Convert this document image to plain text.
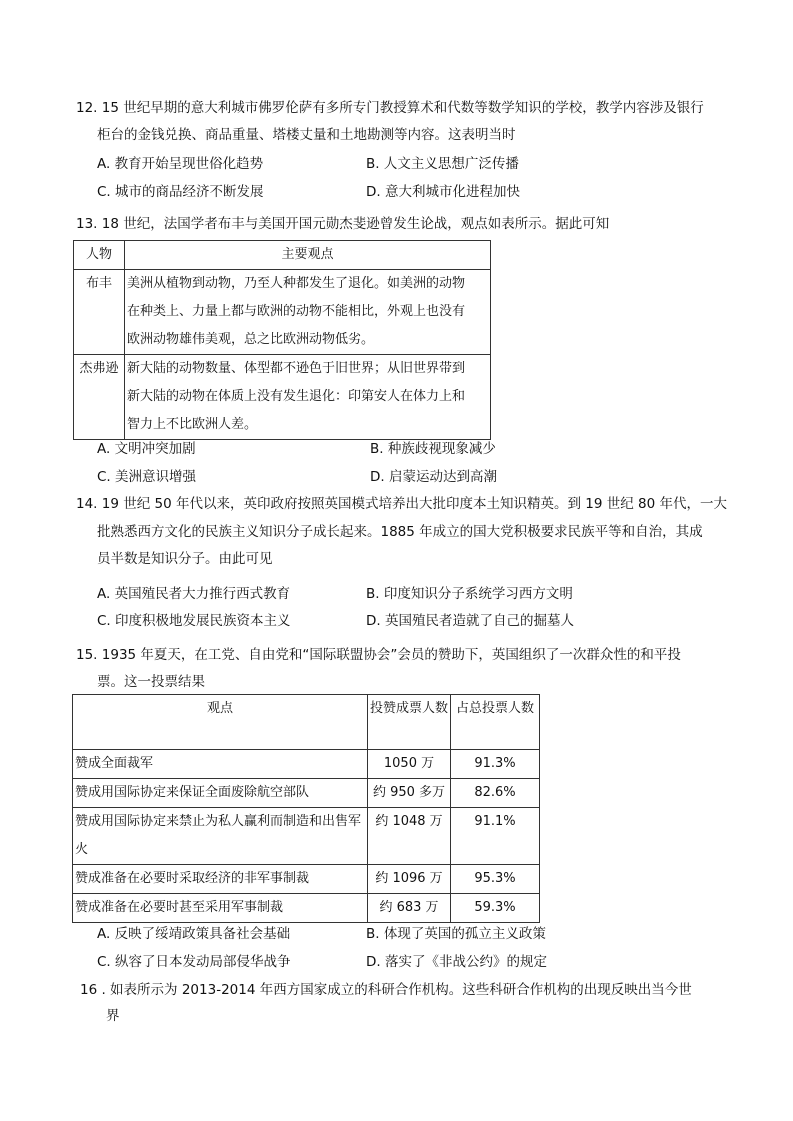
12. 15 世纪早期的意大利城市佛罗伦萨有多所专门教授算术和代数等数学知识的学校，教学内容涉及银行
柜台的金钱兑换、商品重量、塔楼丈量和土地勘测等内容。这表明当时
A. 教育开始呈现世俗化趋势	B. 人文主义思想广泛传播
C. 城市的商品经济不断发展	D. 意大利城市化进程加快
13. 18 世纪，法国学者布丰与美国开国元勋杰斐逊曾发生论战，观点如表所示。据此可知
人物	主要观点
布丰	美洲从植物到动物，乃至人种都发生了退化。如美洲的动物
在种类上、力量上都与欧洲的动物不能相比，外观上也没有
欧洲动物雄伟美观，总之比欧洲动物低劣。

杰弗逊	新大陆的动物数量、体型都不逊色于旧世界；从旧世界带到
新大陆的动物在体质上没有发生退化：印第安人在体力上和
智力上不比欧洲人差。
A. 文明冲突加剧	B. 种族歧视现象减少
C. 美洲意识增强	D. 启蒙运动达到高潮
14. 19 世纪 50 年代以来，英印政府按照英国模式培养出大批印度本土知识精英。到 19 世纪 80 年代，一大
批熟悉西方文化的民族主义知识分子成长起来。1885 年成立的国大党积极要求民族平等和自治，其成
员半数是知识分子。由此可见
A. 英国殖民者大力推行西式教育	B. 印度知识分子系统学习西方文明
C. 印度积极地发展民族资本主义	D. 英国殖民者造就了自己的掘墓人
15. 1935 年夏天，在工党、自由党和“国际联盟协会”会员的赞助下，英国组织了一次群众性的和平投
票。这一投票结果
观点	投赞成票人数	占总投票人数
赞成全面裁军	1050 万	91.3%
赞成用国际协定来保证全面废除航空部队	约 950 多万	82.6%
赞成用国际协定来禁止为私人赢利而制造和出售军火	约 1048 万	91.1%
赞成准备在必要时采取经济的非军事制裁	约 1096 万	95.3%
赞成准备在必要时甚至采用军事制裁	约 683 万	59.3%
A. 反映了绥靖政策具备社会基础	B. 体现了英国的孤立主义政策
C. 纵容了日本发动局部侵华战争	D. 落实了《非战公约》的规定
16 . 如表所示为 2013-2014 年西方国家成立的科研合作机构。这些科研合作机构的出现反映出当今世
界
